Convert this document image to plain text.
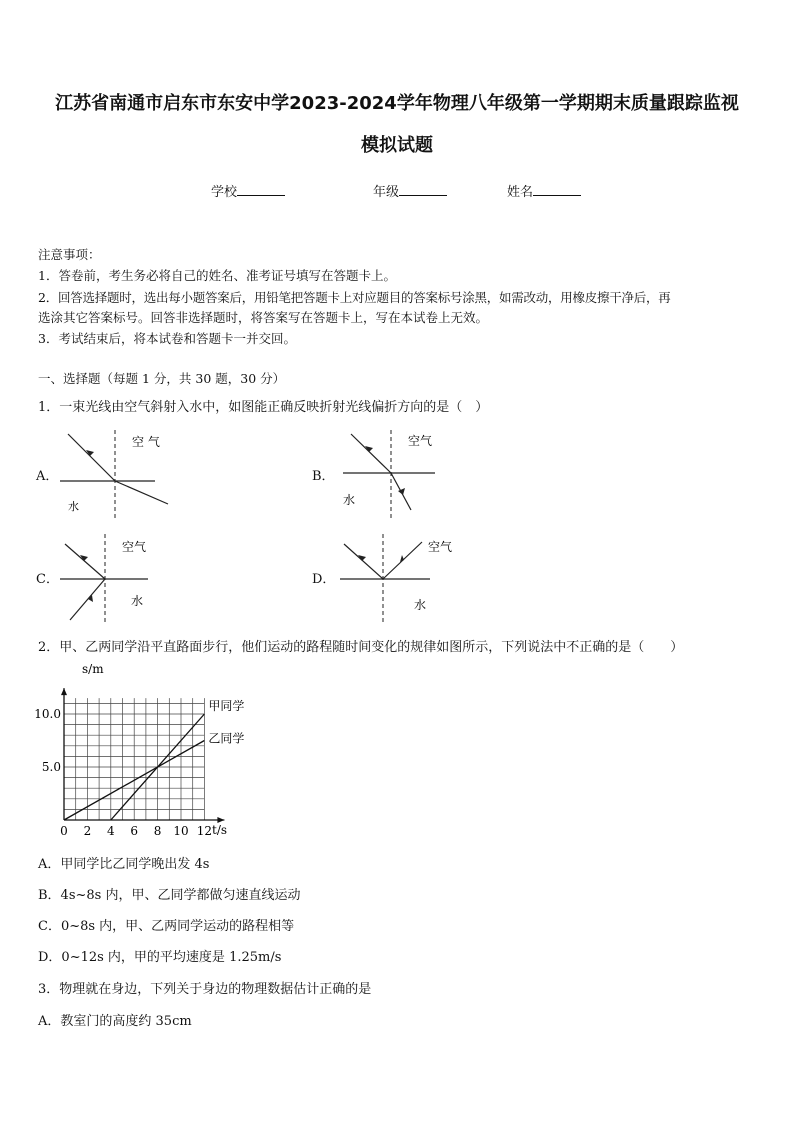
江苏省南通市启东市东安中学2023-2024学年物理八年级第一学期期末质量跟踪监视
模拟试题
学校	年级	姓名
注意事项：
1．答卷前，考生务必将自己的姓名、准考证号填写在答题卡上。
2．回答选择题时，选出每小题答案后，用铅笔把答题卡上对应题目的答案标号涂黑，如需改动，用橡皮擦干净后，再
选涂其它答案标号。回答非选择题时，将答案写在答题卡上，写在本试卷上无效。
3．考试结束后，将本试卷和答题卡一并交回。
一、选择题（每题 1 分，共 30 题，30 分）
1．一束光线由空气斜射入水中，如图能正确反映折射光线偏折方向的是（　）
A．
空 气
水
B．
空气
水
C．
空气
水
D．
空气
水
2．甲、乙两同学沿平直路面步行，他们运动的路程随时间变化的规律如图所示，下列说法中不正确的是（　　）
0 2 4 6 8 10 12
5.0
10.0
甲同学
乙同学
s/m
t/s
A．甲同学比乙同学晚出发 4s
B．4s~8s 内，甲、乙同学都做匀速直线运动
C．0~8s 内，甲、乙两同学运动的路程相等
D．0~12s 内，甲的平均速度是 1.25m/s
3．物理就在身边，下列关于身边的物理数据估计正确的是
A．教室门的高度约 35cm
